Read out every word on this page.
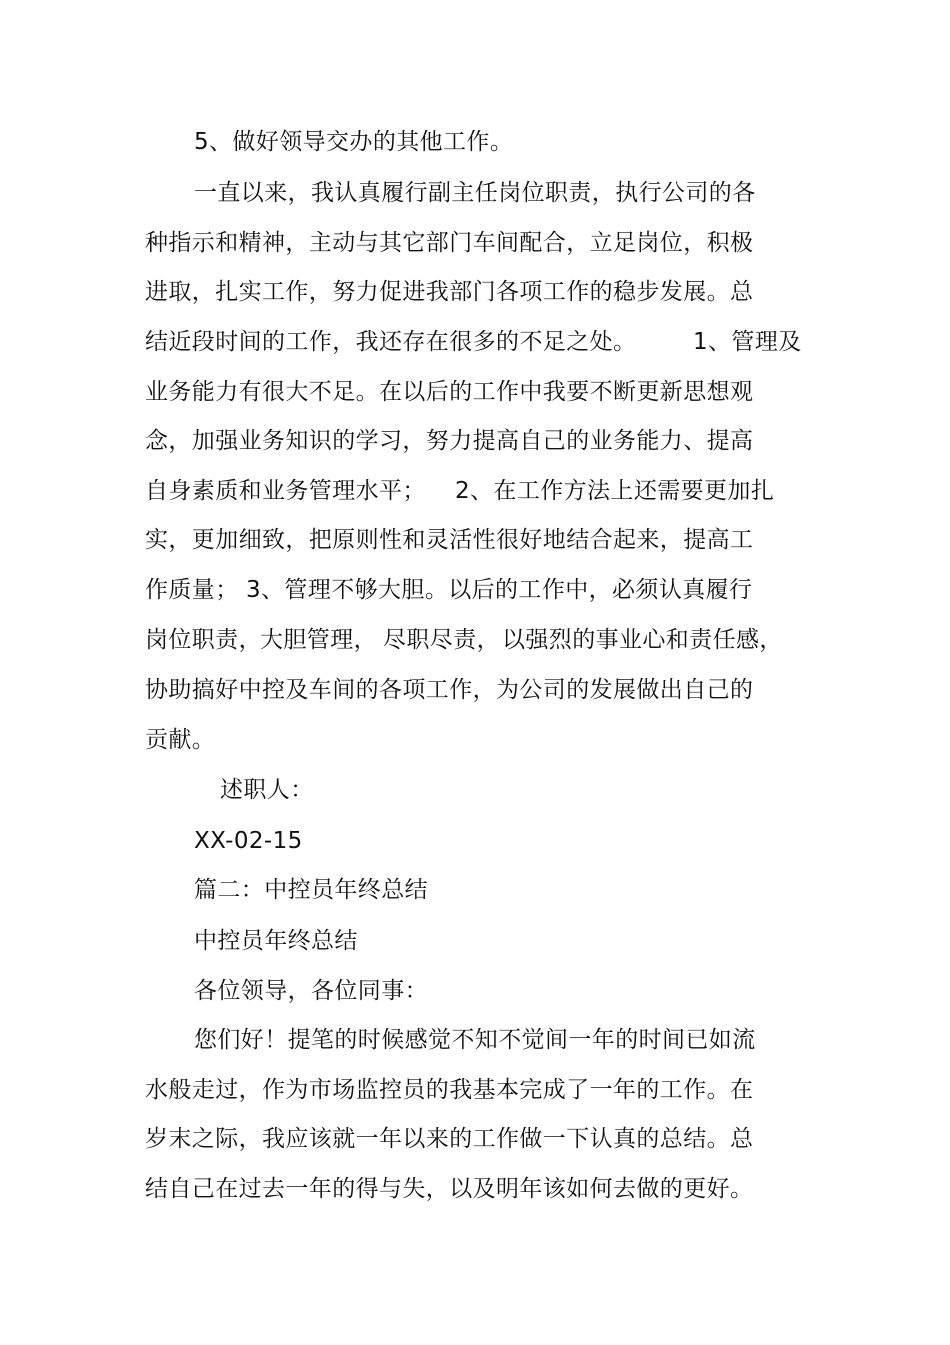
5、做好领导交办的其他工作。
一直以来，我认真履行副主任岗位职责，执行公司的各
种指示和精神，主动与其它部门车间配合，立足岗位，积极
进取，扎实工作，努力促进我部门各项工作的稳步发展。总
结近段时间的工作，我还存在很多的不足之处。 1、管理及
业务能力有很大不足。在以后的工作中我要不断更新思想观
念，加强业务知识的学习，努力提高自己的业务能力、提高
自身素质和业务管理水平； 2、在工作方法上还需要更加扎
实，更加细致，把原则性和灵活性很好地结合起来，提高工
作质量； 3、管理不够大胆。以后的工作中，必须认真履行
岗位职责，
大胆管理， 尽职尽责， 以强烈的事业心和责任感，
协助搞好中控及车间的各项工作，为公司的发展做出自己的
贡献。
述职人：
XX-02-15
篇二：中控员年终总结
中控员年终总结
各位领导，各位同事：
您们好！提笔的时候感觉不知不觉间一年的时间已如流
水般走过，作为市场监控员的我基本完成了一年的工作。在
岁末之际，我应该就一年以来的工作做一下认真的总结。总
结自己在过去一年的得与失，以及明年该如何去做的更好。
